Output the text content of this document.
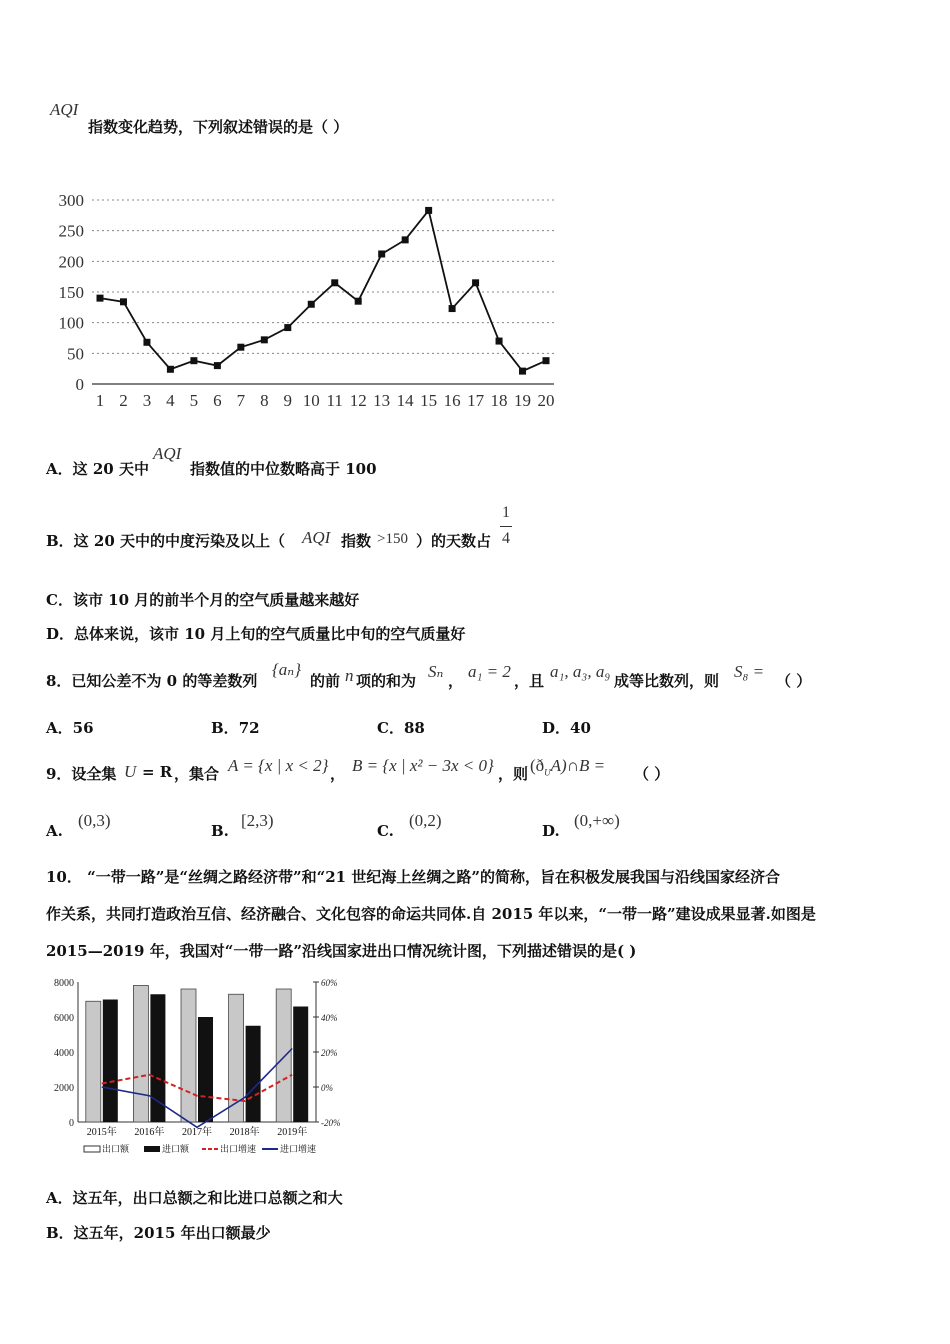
AQI
指数变化趋势，下列叙述错误的是（ ）
0
50
100
150
200
250
300
1 2 3 4 5 6 7 8 9 10 11 12 13 14 15 16 17 18 19 20
A．这 20 天中
AQI
指数值的中位数略高于 100
B．这 20 天中的中度污染及以上（ AQI 指数 >150 ）的天数占
1
4
C．该市 10 月的前半个月的空气质量越来越好
D．总体来说，该市 10 月上旬的空气质量比中旬的空气质量好
8．已知公差不为 0 的等差数列
{aₙ}
的前 n 项的和为 Sₙ ， a₁ = 2 ，且 a₁, a₃, a₉ 成等比数列，则 S₈ = （ ）
A．56	B．72	C．88	D．40
9．设全集 U = R ，集合 A = {x | x < 2} ， B = {x | x² − 3x < 0} ，则 $(ð_UA)\cap B$ = （ ）
A.
(0,3)
B.
[2,3)
C.
(0,2)
D.
(0,+∞)
10． “一带一路”是“丝绸之路经济带”和“21 世纪海上丝绸之路”的简称，旨在积极发展我国与沿线国家经济合
作关系，共同打造政治互信、经济融合、文化包容的命运共同体.自 2015 年以来，“一带一路”建设成果显著.如图是
2015—2019 年，我国对“一带一路”沿线国家进出口情况统计图，下列描述错误的是( )
0
2000
4000
6000
8000
-20%
0%
20%
40%
60%
2015年 2016年 2017年 2018年 2019年
出口额	进口额	出口增速	进口增速
A．这五年，出口总额之和比进口总额之和大
B．这五年，2015 年出口额最少
